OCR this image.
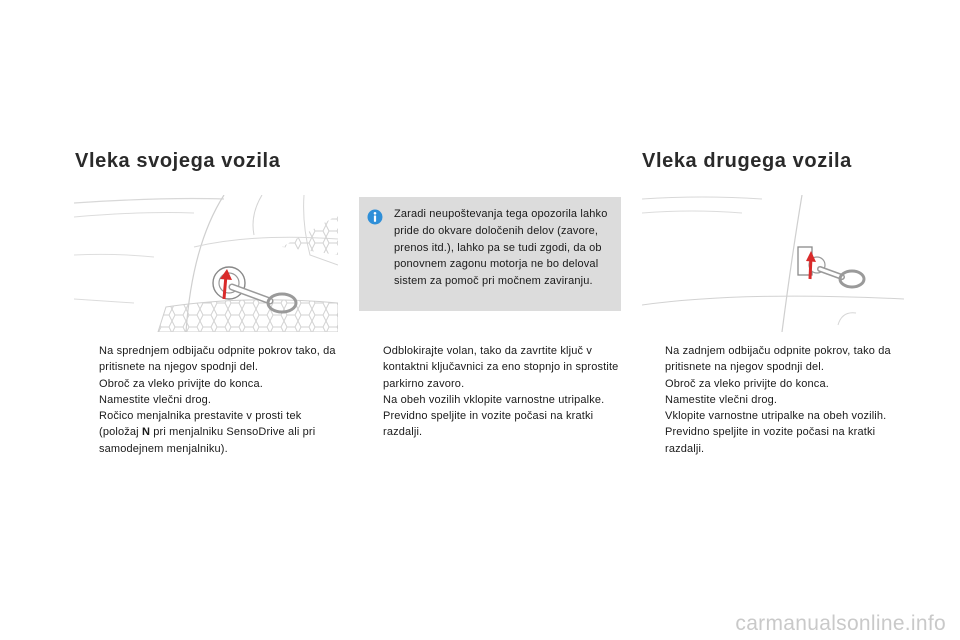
Vleka svojega vozila	Vleka drugega vozila

Zaradi neupoštevanja tega opozorila lahko pride do okvare določenih delov (zavore, prenos itd.), lahko pa se tudi zgodi, da ob ponovnem zagonu motorja ne bo deloval sistem za pomoč pri močnem zaviranju.

Na sprednjem odbijaču odpnite pokrov tako, da pritisnete na njegov spodnji del.
Obroč za vleko privijte do konca.
Namestite vlečni drog.
Ročico menjalnika prestavite v prosti tek (položaj N pri menjalniku SensoDrive ali pri samodejnem menjalniku).
Odblokirajte volan, tako da zavrtite ključ v kontaktni ključavnici za eno stopnjo in sprostite parkirno zavoro.
Na obeh vozilih vklopite varnostne utripalke.
Previdno speljite in vozite počasi na kratki razdalji.
Na zadnjem odbijaču odpnite pokrov, tako da pritisnete na njegov spodnji del.
Obroč za vleko privijte do konca.
Namestite vlečni drog.
Vklopite varnostne utripalke na obeh vozilih.
Previdno speljite in vozite počasi na kratki razdalji.
carmanualsonline.info
